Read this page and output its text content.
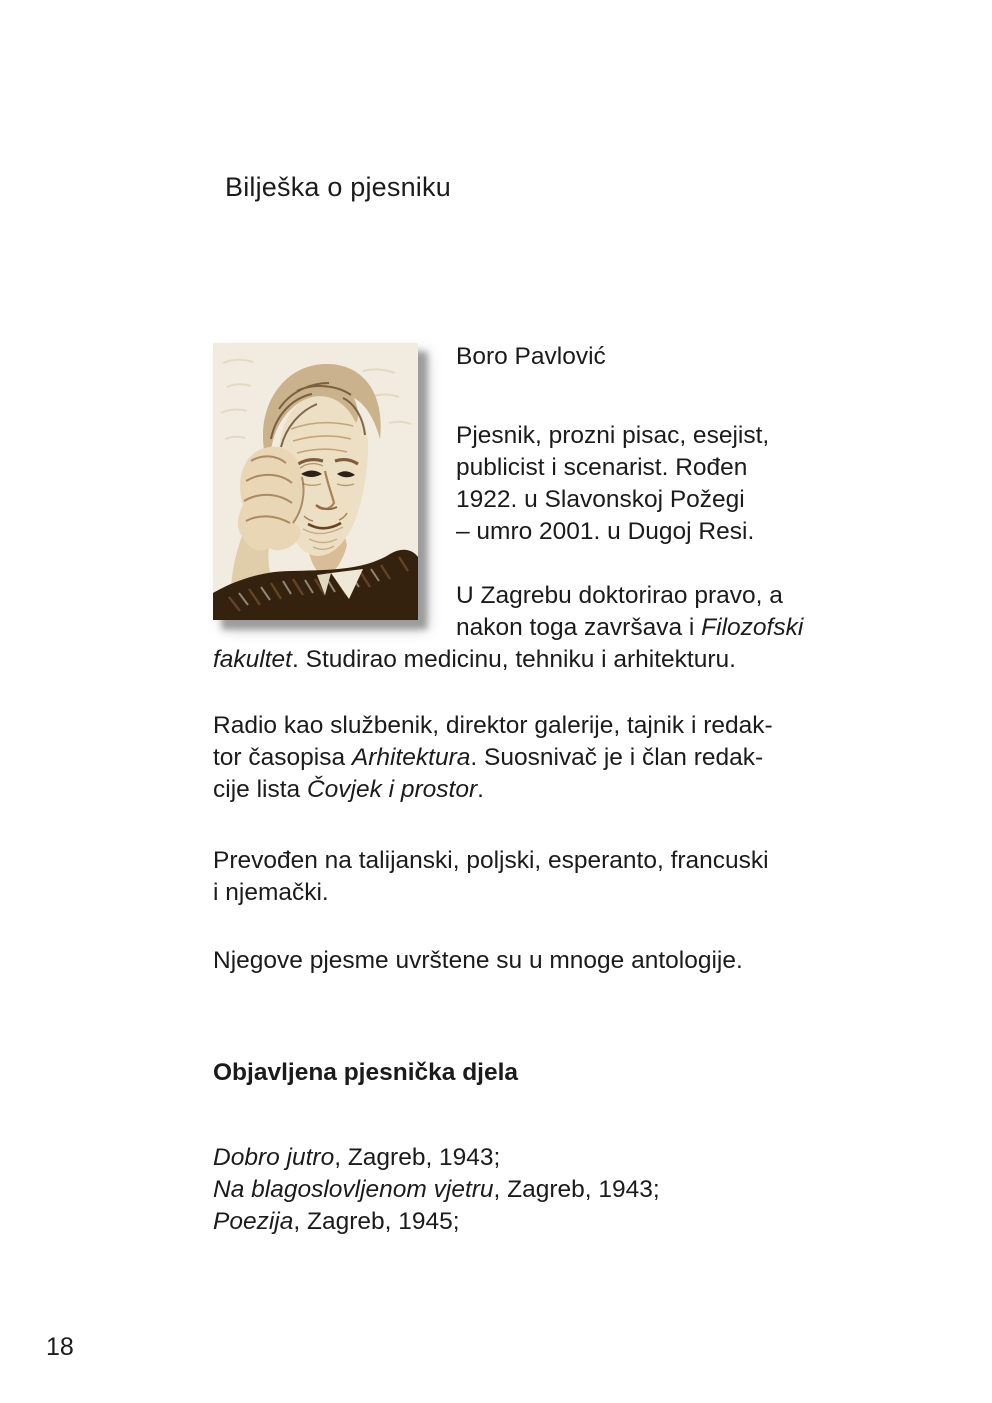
Bilješka o pjesniku
Boro Pavlović
Pjesnik, prozni pisac, esejist,
publicist i scenarist. Rođen
1922. u Slavonskoj Požegi
– umro 2001. u Dugoj Resi.
U Zagrebu doktorirao pravo, a
nakon toga završava i Filozofski
fakultet. Studirao medicinu, tehniku i arhitekturu.
Radio kao službenik, direktor galerije, tajnik i redak-
tor časopisa Arhitektura. Suosnivač je i član redak-
cije lista Čovjek i prostor.
Prevođen na talijanski, poljski, esperanto, francuski
i njemački.
Njegove pjesme uvrštene su u mnoge antologije.
Objavljena pjesnička djela
Dobro jutro, Zagreb, 1943;
Na blagoslovljenom vjetru, Zagreb, 1943;
Poezija, Zagreb, 1945;
18
